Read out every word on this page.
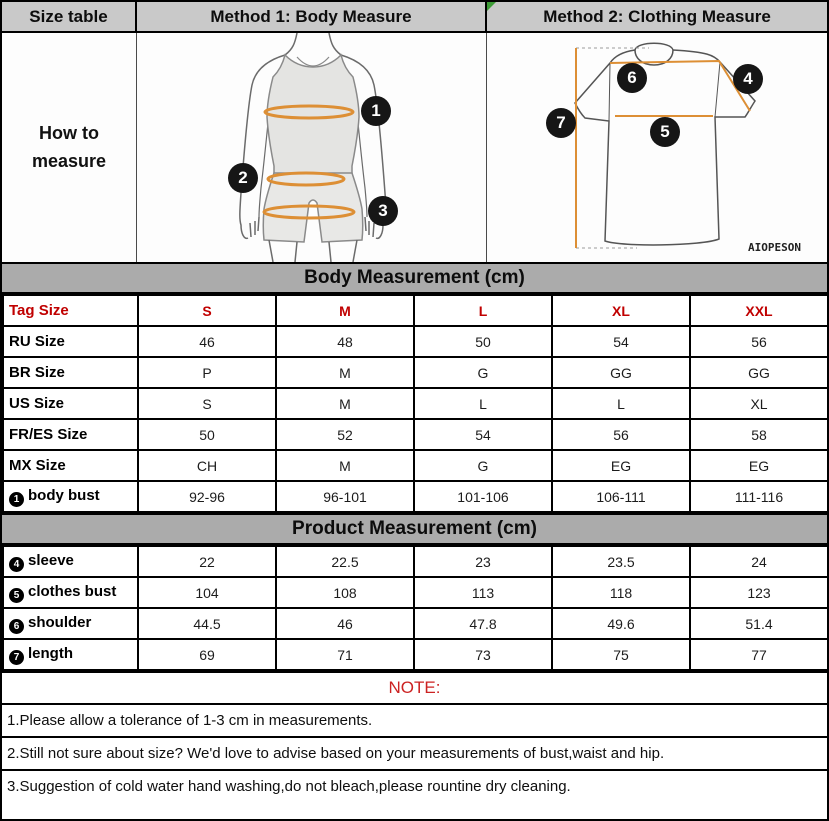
Size table	Method 1: Body Measure	Method 2: Clothing Measure
How to measure
1
2
3
6	4
5
7
AIOPESON
Body Measurement (cm)
Tag Size	S	M	L	XL	XXL
RU Size	46	48	50	54	56
BR Size	P	M	G	GG	GG
US Size	S	M	L	L	XL
FR/ES Size	50	52	54	56	58
MX Size	CH	M	G	EG	EG
1 body bust	92-96	96-101	101-106	106-111	111-116
Product Measurement (cm)
4 sleeve	22	22.5	23	23.5	24
5 clothes bust	104	108	113	118	123
6 shoulder	44.5	46	47.8	49.6	51.4
7 length	69	71	73	75	77
NOTE:
1.Please allow a tolerance of 1-3 cm in measurements.
2.Still not sure about size? We'd love to advise based on your measurements of bust,waist and hip.
3.Suggestion of cold water hand washing,do not bleach,please rountine dry cleaning.
